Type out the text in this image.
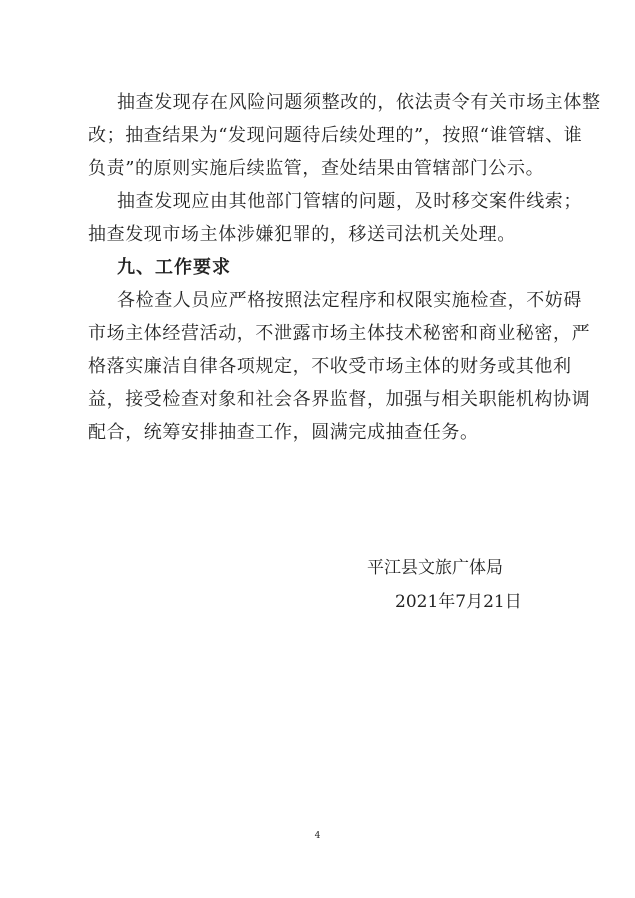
抽查发现存在风险问题须整改的，依法责令有关市场主体整
改；抽查结果为“发现问题待后续处理的”，按照“谁管辖、谁
负责”的原则实施后续监管，查处结果由管辖部门公示。
抽查发现应由其他部门管辖的问题，及时移交案件线索；
抽查发现市场主体涉嫌犯罪的，移送司法机关处理。
九、工作要求
各检查人员应严格按照法定程序和权限实施检查，不妨碍
市场主体经营活动，不泄露市场主体技术秘密和商业秘密，严
格落实廉洁自律各项规定，不收受市场主体的财务或其他利
益，接受检查对象和社会各界监督，加强与相关职能机构协调
配合，统筹安排抽查工作，圆满完成抽查任务。
平江县文旅广体局
2021年7月21日
4
